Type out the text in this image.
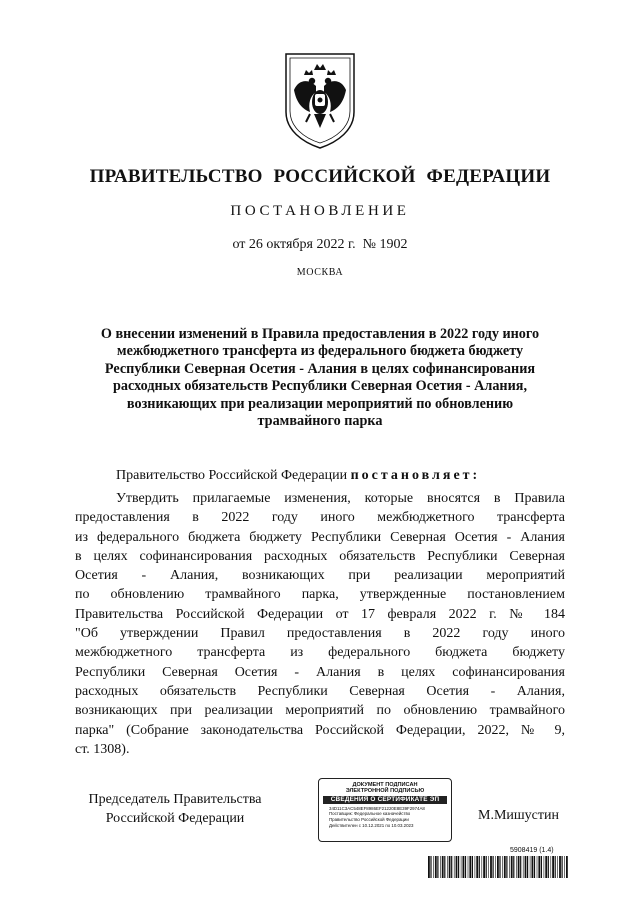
ПРАВИТЕЛЬСТВО РОССИЙСКОЙ ФЕДЕРАЦИИ
ПОСТАНОВЛЕНИЕ
от 26 октября 2022 г.  № 1902
МОСКВА
О внесении изменений в Правила предоставления в 2022 году иного
межбюджетного трансферта из федерального бюджета бюджету
Республики Северная Осетия - Алания в целях софинансирования
расходных обязательств Республики Северная Осетия - Алания,
возникающих при реализации мероприятий по обновлению
трамвайного парка
Правительство Российской Федерации постановляет:
Утвердить прилагаемые изменения, которые вносятся в Правила
предоставления в 2022 году иного межбюджетного трансферта
из федерального бюджета бюджету Республики Северная Осетия - Алания
в целях софинансирования расходных обязательств Республики Северная
Осетия - Алания, возникающих при реализации мероприятий
по обновлению трамвайного парка, утвержденные постановлением
Правительства Российской Федерации от 17 февраля 2022 г. № 184
"Об утверждении Правил предоставления в 2022 году иного
межбюджетного трансферта из федерального бюджета бюджету
Республики Северная Осетия - Алания в целях софинансирования
расходных обязательств Республики Северная Осетия - Алания,
возникающих при реализации мероприятий по обновлению трамвайного
парка" (Собрание законодательства Российской Федерации, 2022, № 9,
ст. 1308).
Председатель Правительства
Российской Федерации
ДОКУМЕНТ ПОДПИСАН
ЭЛЕКТРОННОЙ ПОДПИСЬЮ
СВЕДЕНИЯ О СЕРТИФИКАТЕ ЭП
34D11C3AC548EF8986EF21220E8E39F2974A8
Поставщик: Федеральное казначейство
Правительство Российской Федерации
Действителен с 10.12.2021 по 10.03.2023
М.Мишустин
5908419 (1.4)
